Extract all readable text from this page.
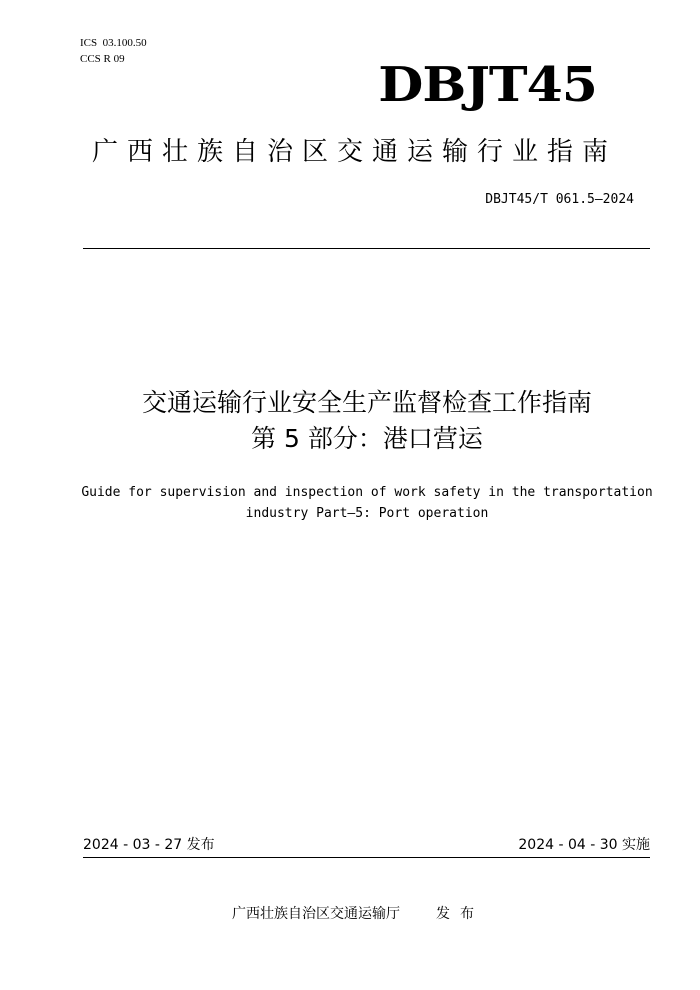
ICS  03.100.50
CCS R 09	DBJT45
广西壮族自治区交通运输行业指南
DBJT45/T 061.5—2024
交通运输行业安全生产监督检查工作指南
第 5 部分：港口营运
Guide for supervision and inspection of work safety in the transportation
industry Part—5: Port operation
2024 - 03 - 27 发布	2024 - 04 - 30 实施
广西壮族自治区交通运输厅	发布
